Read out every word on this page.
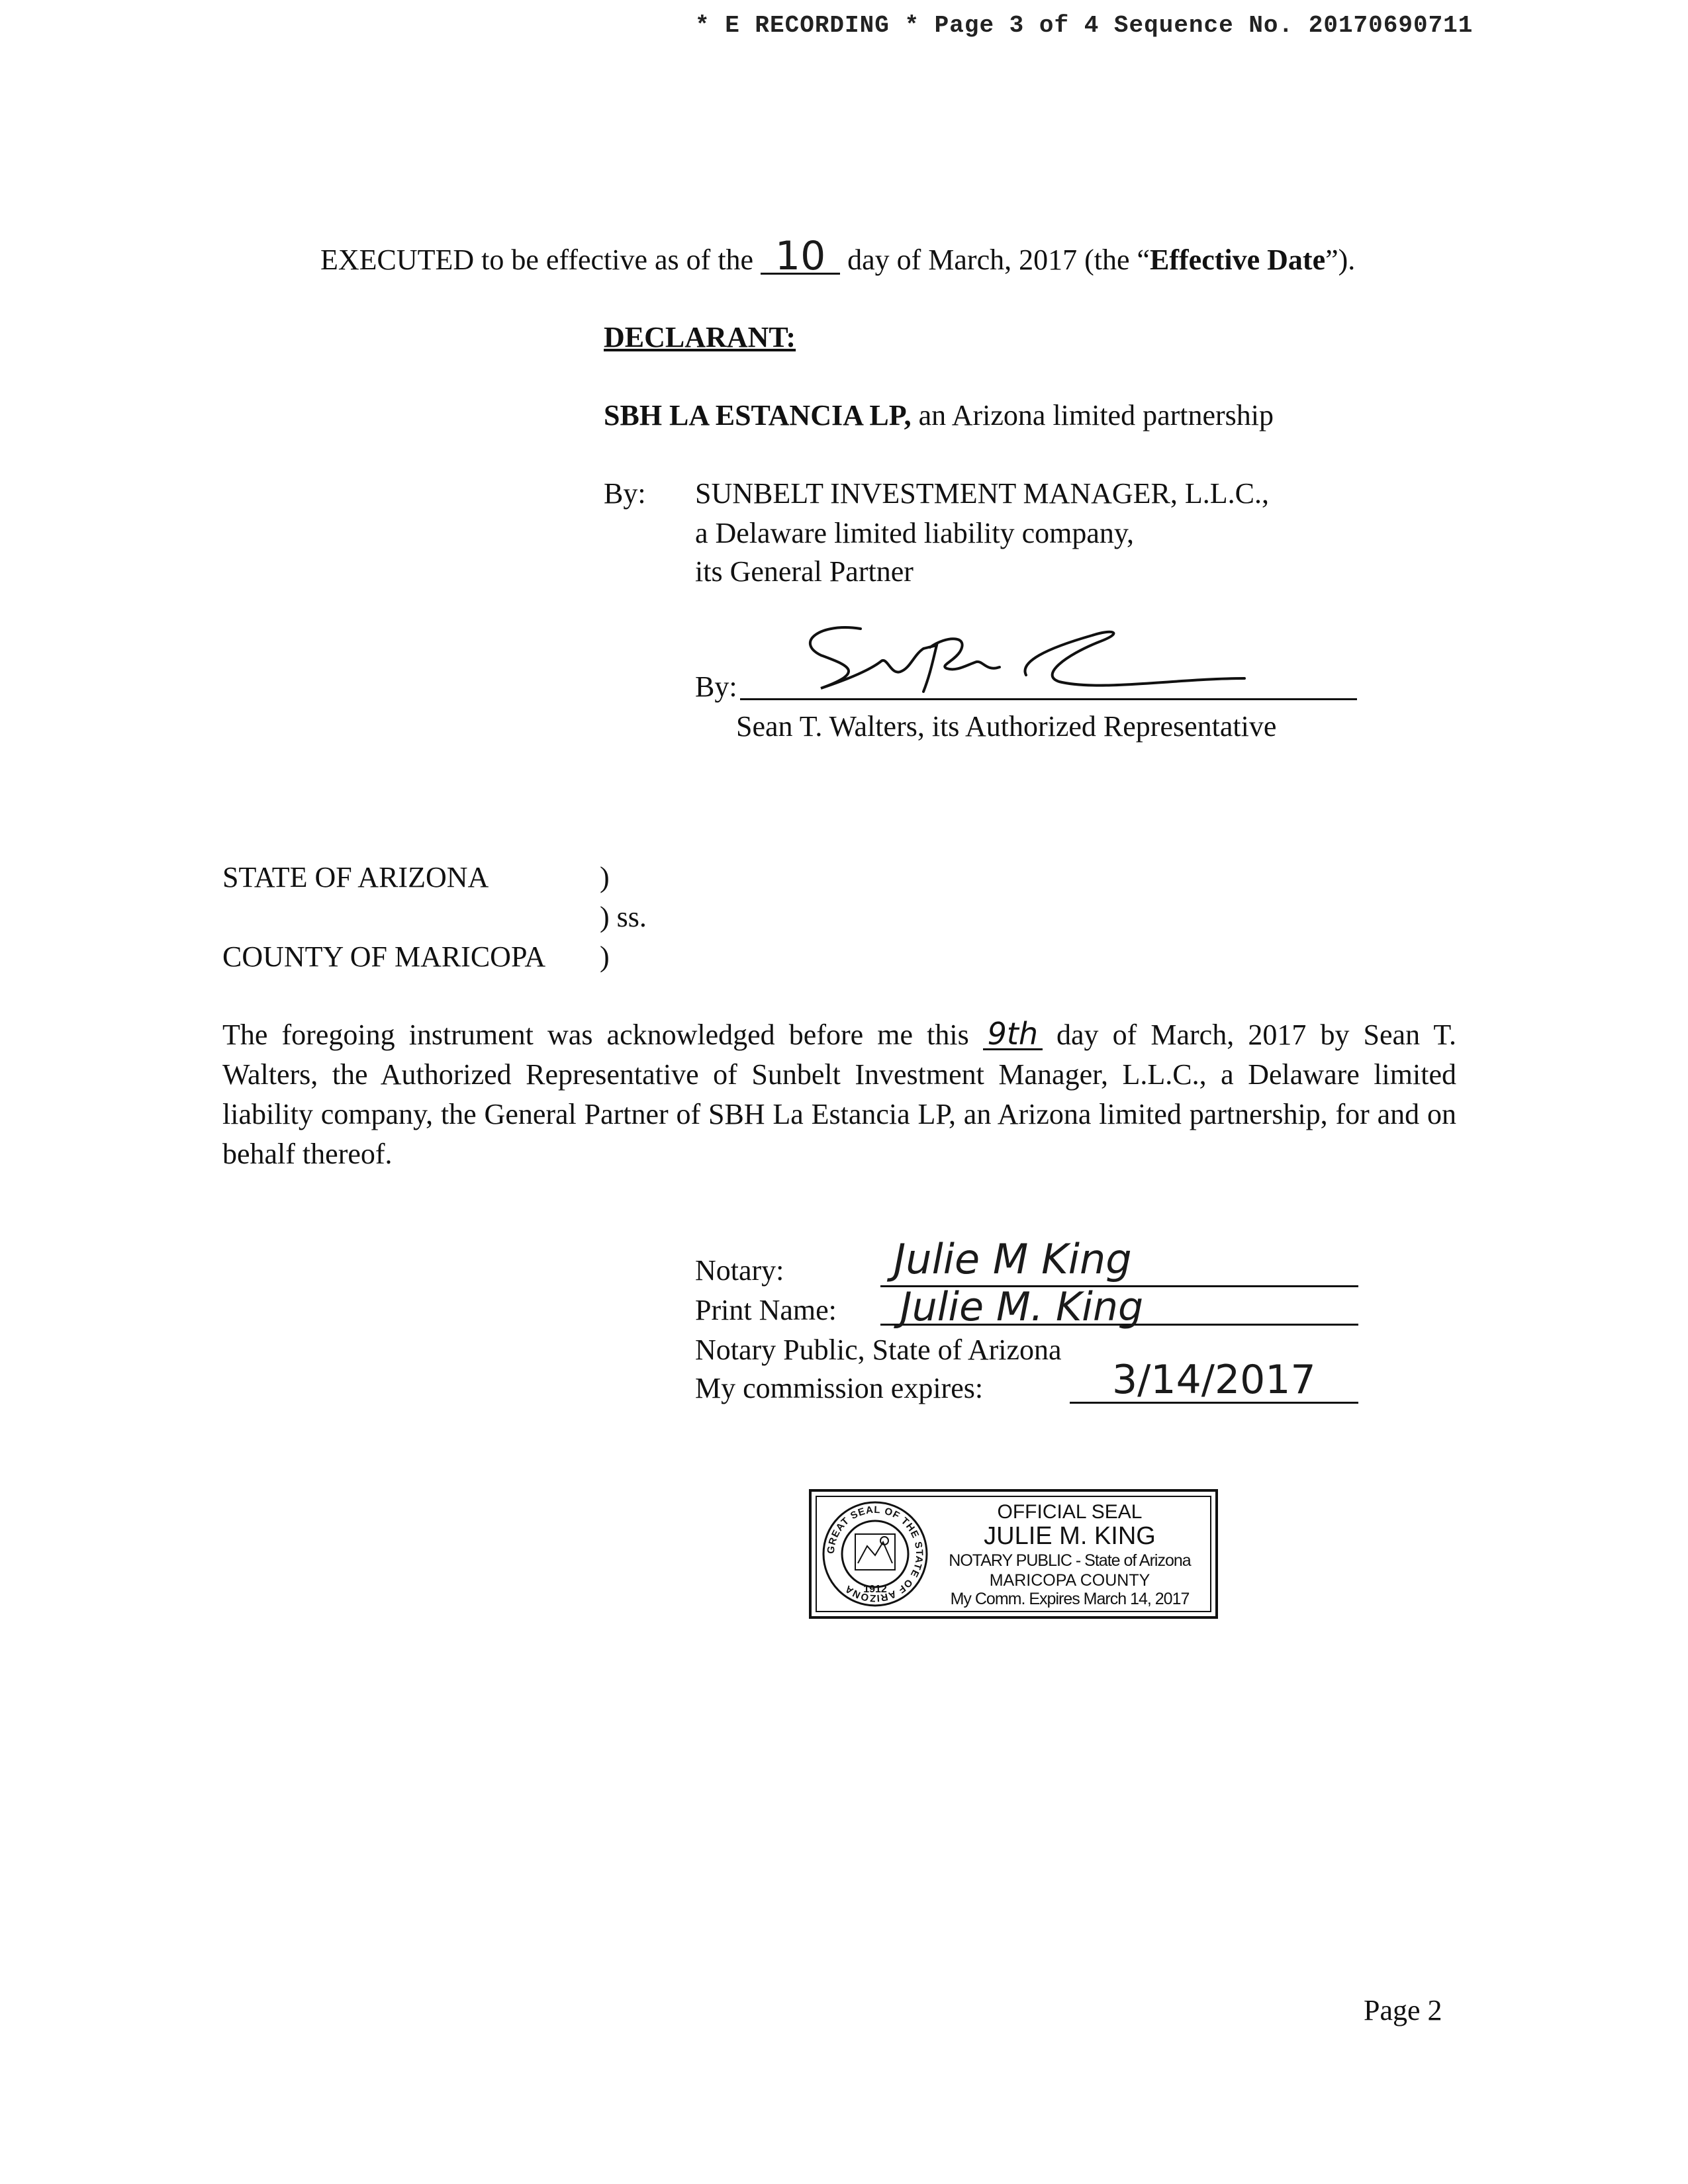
* E RECORDING * Page 3 of 4 Sequence No. 20170690711
EXECUTED to be effective as of the 10 day of March, 2017 (the “Effective Date”).
DECLARANT:
SBH LA ESTANCIA LP, an Arizona limited partnership
By: SUNBELT INVESTMENT MANAGER, L.L.C.,
a Delaware limited liability company,
its General Partner
By:
Sean T. Walters, its Authorized Representative
STATE OF ARIZONA	)
) ss.
COUNTY OF MARICOPA )
The foregoing instrument was acknowledged before me this 9th day of March, 2017 by Sean T. Walters, the Authorized Representative of Sunbelt Investment Manager, L.L.C., a Delaware limited liability company, the General Partner of SBH La Estancia LP, an Arizona limited partnership, for and on behalf thereof.
Notary:	Julie M King
Print Name: Julie M. King
Notary Public, State of Arizona
My commission expires:	3/14/2017
GREAT SEAL OF THE STATE OF ARIZONA 1912
OFFICIAL SEAL
JULIE M. KING
NOTARY PUBLIC - State of Arizona
MARICOPA COUNTY
My Comm. Expires March 14, 2017
Page 2
